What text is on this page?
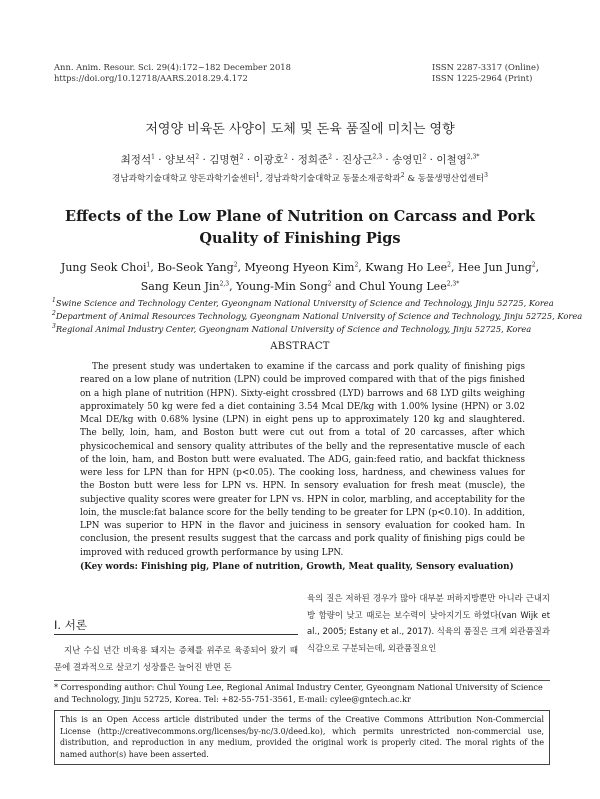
Ann. Anim. Resour. Sci. 29(4):172~182 December 2018
https://doi.org/10.12718/AARS.2018.29.4.172
ISSN 2287-3317 (Online)
ISSN 1225-2964 (Print)
저영양 비육돈 사양이 도체 및 돈육 품질에 미치는 영향
최정석$^1$ · 양보석$^2$ · 김명현$^2$ · 이광호$^2$ · 정희준$^2$ · 진상근$^{2,3}$ · 송영민$^2$ · 이철영$^{2,3*}$
경남과학기술대학교 양돈과학기술센터$^1$, 경남과학기술대학교 동물소재공학과$^2$ & 동물생명산업센터$^3$
Effects of the Low Plane of Nutrition on Carcass and Pork Quality of Finishing Pigs
Jung Seok Choi$^1$, Bo-Seok Yang$^2$, Myeong Hyeon Kim$^2$, Kwang Ho Lee$^2$, Hee Jun Jung$^2$,
Sang Keun Jin$^{2,3}$, Young-Min Song$^2$ and Chul Young Lee$^{2,3*}$
$^1$Swine Science and Technology Center, Gyeongnam National University of Science and Technology, Jinju 52725, Korea
$^2$Department of Animal Resources Technology, Gyeongnam National University of Science and Technology, Jinju 52725, Korea
$^3$Regional Animal Industry Center, Gyeongnam National University of Science and Technology, Jinju 52725, Korea
ABSTRACT
The present study was undertaken to examine if the carcass and pork quality of finishing pigs reared on a low plane of nutrition (LPN) could be improved compared with that of the pigs finished on a high plane of nutrition (HPN). Sixty-eight crossbred (LYD) barrows and 68 LYD gilts weighing approximately 50 kg were fed a diet containing 3.54 Mcal DE/kg with 1.00% lysine (HPN) or 3.02 Mcal DE/kg with 0.68% lysine (LPN) in eight pens up to approximately 120 kg and slaughtered. The belly, loin, ham, and Boston butt were cut out from a total of 20 carcasses, after which physicochemical and sensory quality attributes of the belly and the representative muscle of each of the loin, ham, and Boston butt were evaluated. The ADG, gain:feed ratio, and backfat thickness were less for LPN than for HPN (p<0.05). The cooking loss, hardness, and chewiness values for the Boston butt were less for LPN vs. HPN. In sensory evaluation for fresh meat (muscle), the subjective quality scores were greater for LPN vs. HPN in color, marbling, and acceptability for the loin, the muscle:fat balance score for the belly tending to be greater for LPN (p<0.10). In addition, LPN was superior to HPN in the flavor and juiciness in sensory evaluation for cooked ham. In conclusion, the present results suggest that the carcass and pork quality of finishing pigs could be improved with reduced growth performance by using LPN.
(Key words: Finishing pig, Plane of nutrition, Growth, Meat quality, Sensory evaluation)
Ⅰ. 서론
지난 수십 년간 비육용 돼지는 증체를 위주로 육종되어 왔기 때문에 결과적으로 살코기 성장률은 늘어진 반면 돈
육의 질은 저하된 경우가 많아 대부분 퍼하지방뿐만 아니라 근내지방 함량이 낮고 때로는 보수력이 낮아지기도 하였다(van Wijk et al., 2005; Estany et al., 2017). 식육의 품질은 크게 외관품질과 식감으로 구분되는데, 외관품질요인
* Corresponding author: Chul Young Lee, Regional Animal Industry Center, Gyeongnam National University of Science and Technology, Jinju 52725, Korea. Tel: +82-55-751-3561, E-mail: cylee@gntech.ac.kr
This is an Open Access article distributed under the terms of the Creative Commons Attribution Non-Commercial License (http://creativecommons.org/licenses/by-nc/3.0/deed.ko), which permits unrestricted non-commercial use, distribution, and reproduction in any medium, provided the original work is properly cited. The moral rights of the named author(s) have been asserted.
